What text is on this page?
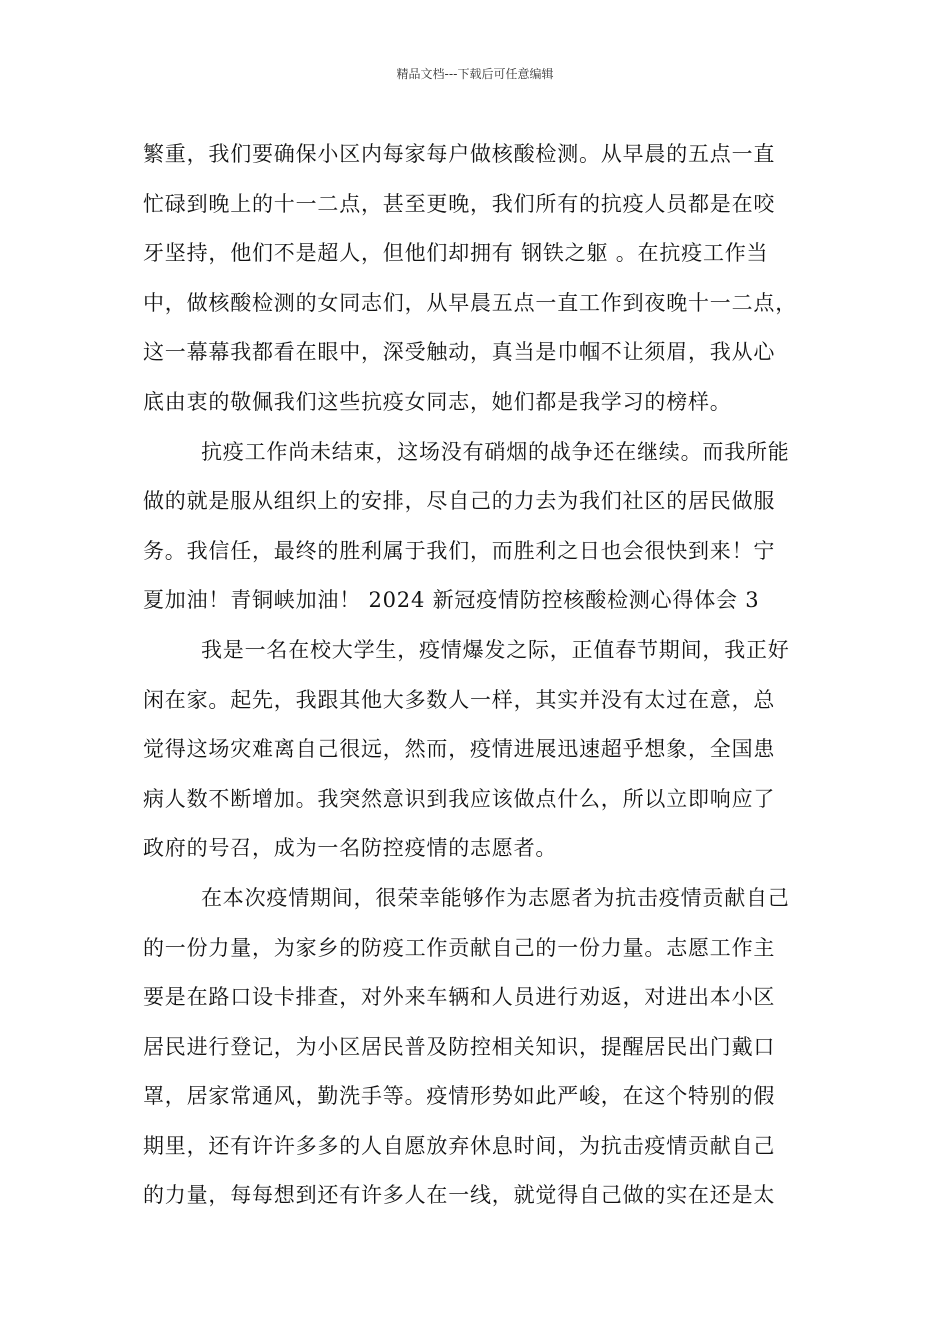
精品文档---下载后可任意编辑
繁重，我们要确保小区内每家每户做核酸检测。从早晨的五点一直
忙碌到晚上的十一二点，甚至更晚，我们所有的抗疫人员都是在咬
牙坚持，他们不是超人，但他们却拥有 钢铁之躯 。在抗疫工作当
中，做核酸检测的女同志们，从早晨五点一直工作到夜晚十一二点，
这一幕幕我都看在眼中，深受触动，真当是巾帼不让须眉，我从心
底由衷的敬佩我们这些抗疫女同志，她们都是我学习的榜样。
抗疫工作尚未结束，这场没有硝烟的战争还在继续。而我所能
做的就是服从组织上的安排，尽自己的力去为我们社区的居民做服
务。我信任，最终的胜利属于我们，而胜利之日也会很快到来！宁
夏加油！青铜峡加油！ 2024 新冠疫情防控核酸检测心得体会 3
我是一名在校大学生，疫情爆发之际，正值春节期间，我正好
闲在家。起先，我跟其他大多数人一样，其实并没有太过在意，总
觉得这场灾难离自己很远，然而，疫情进展迅速超乎想象，全国患
病人数不断增加。我突然意识到我应该做点什么，所以立即响应了
政府的号召，成为一名防控疫情的志愿者。
在本次疫情期间，很荣幸能够作为志愿者为抗击疫情贡献自己
的一份力量，为家乡的防疫工作贡献自己的一份力量。志愿工作主
要是在路口设卡排查，对外来车辆和人员进行劝返，对进出本小区
居民进行登记，为小区居民普及防控相关知识，提醒居民出门戴口
罩，居家常通风，勤洗手等。疫情形势如此严峻，在这个特别的假
期里，还有许许多多的人自愿放弃休息时间，为抗击疫情贡献自己
的力量，每每想到还有许多人在一线，就觉得自己做的实在还是太
